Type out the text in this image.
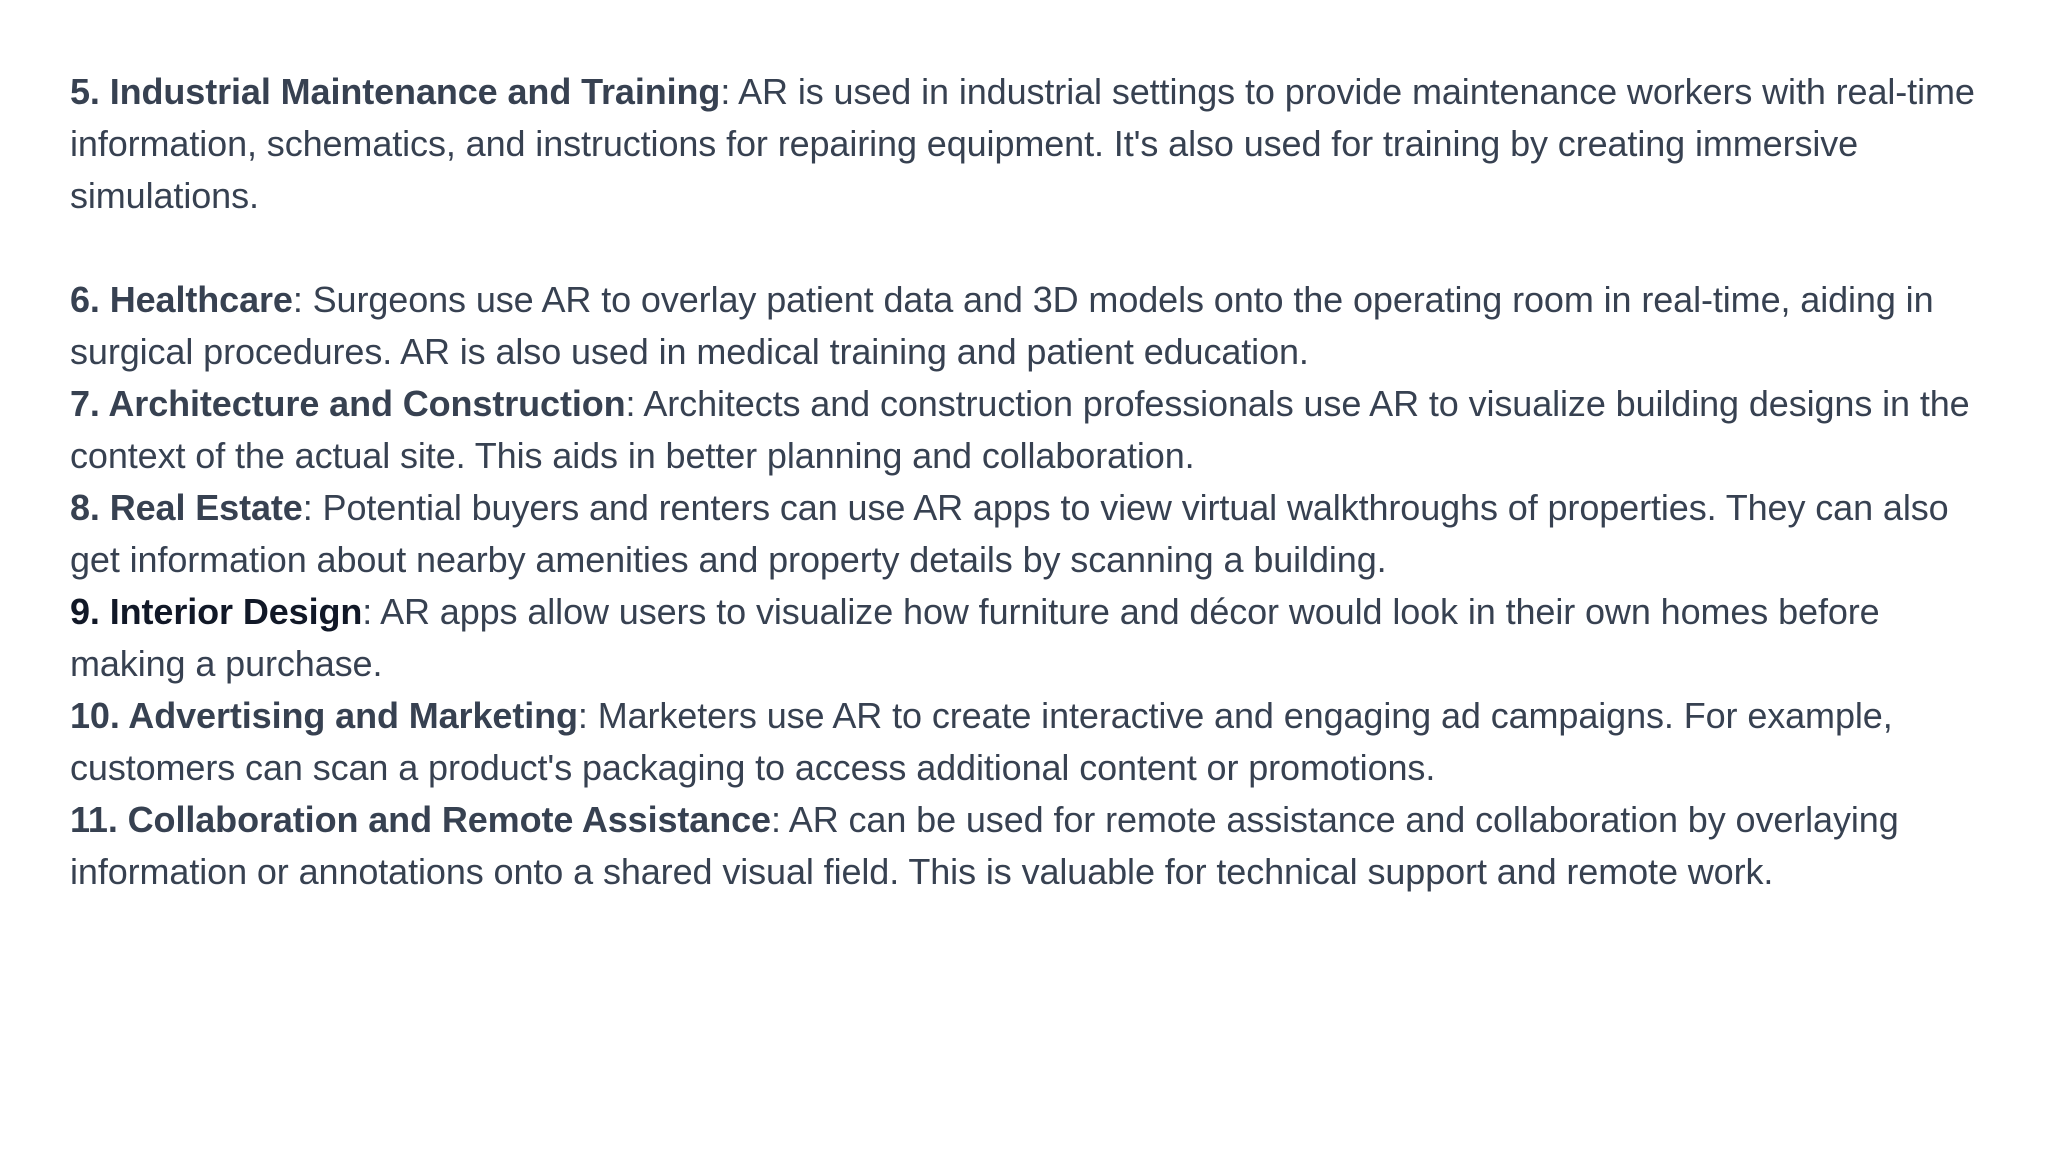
5. Industrial Maintenance and Training: AR is used in industrial settings to provide maintenance workers with real-time information, schematics, and instructions for repairing equipment. It's also used for training by creating immersive simulations.

6. Healthcare: Surgeons use AR to overlay patient data and 3D models onto the operating room in real-time, aiding in surgical procedures. AR is also used in medical training and patient education.

7. Architecture and Construction: Architects and construction professionals use AR to visualize building designs in the context of the actual site. This aids in better planning and collaboration.

8. Real Estate: Potential buyers and renters can use AR apps to view virtual walkthroughs of properties. They can also get information about nearby amenities and property details by scanning a building.

9. Interior Design: AR apps allow users to visualize how furniture and décor would look in their own homes before making a purchase.

10. Advertising and Marketing: Marketers use AR to create interactive and engaging ad campaigns. For example, customers can scan a product's packaging to access additional content or promotions.

11. Collaboration and Remote Assistance: AR can be used for remote assistance and collaboration by overlaying information or annotations onto a shared visual field. This is valuable for technical support and remote work.
